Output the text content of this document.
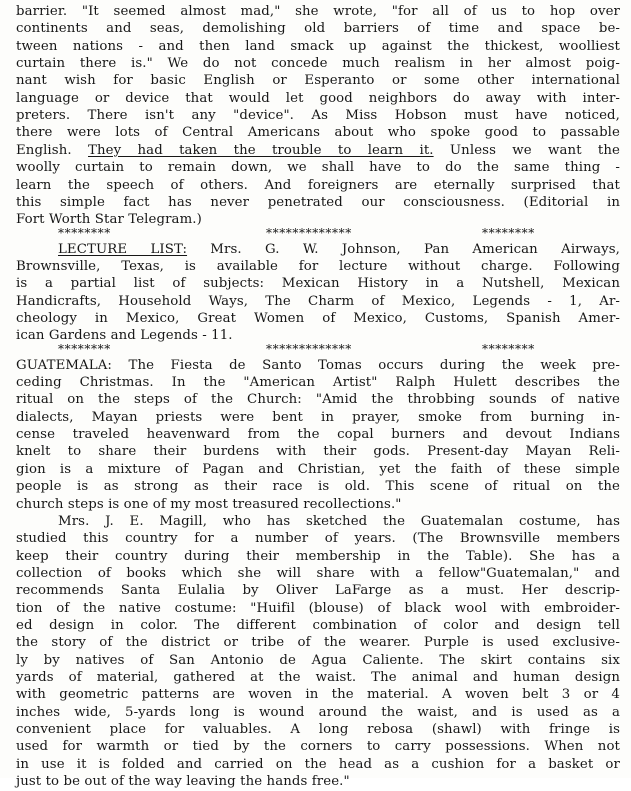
barrier. "It seemed almost mad," she wrote, "for all of us to hop over
continents and seas, demolishing old barriers of time and space be-
tween nations - and then land smack up against the thickest, woolliest
curtain there is." We do not concede much realism in her almost poig-
nant wish for basic English or Esperanto or some other international
language or device that would let good neighbors do away with inter-
preters. There isn't any "device". As Miss Hobson must have noticed,
there were lots of Central Americans about who spoke good to passable
English. They had taken the trouble to learn it. Unless we want the
woolly curtain to remain down, we shall have to do the same thing -
learn the speech of others. And foreigners are eternally surprised that
this simple fact has never penetrated our consciousness. (Editorial in
Fort Worth Star Telegram.)
********	*************	********
LECTURE LIST: Mrs. G. W. Johnson, Pan American Airways,
Brownsville, Texas, is available for lecture without charge. Following
is a partial list of subjects: Mexican History in a Nutshell, Mexican
Handicrafts, Household Ways, The Charm of Mexico, Legends - 1, Ar-
cheology in Mexico, Great Women of Mexico, Customs, Spanish Amer-
ican Gardens and Legends - 11.
********	*************	********
GUATEMALA: The Fiesta de Santo Tomas occurs during the week pre-
ceding Christmas. In the "American Artist" Ralph Hulett describes the
ritual on the steps of the Church: "Amid the throbbing sounds of native
dialects, Mayan priests were bent in prayer, smoke from burning in-
cense traveled heavenward from the copal burners and devout Indians
knelt to share their burdens with their gods. Present-day Mayan Reli-
gion is a mixture of Pagan and Christian, yet the faith of these simple
people is as strong as their race is old. This scene of ritual on the
church steps is one of my most treasured recollections."
Mrs. J. E. Magill, who has sketched the Guatemalan costume, has
studied this country for a number of years. (The Brownsville members
keep their country during their membership in the Table). She has a
collection of books which she will share with a fellow"Guatemalan," and
recommends Santa Eulalia by Oliver LaFarge as a must. Her descrip-
tion of the native costume: "Huifil (blouse) of black wool with embroider-
ed design in color. The different combination of color and design tell
the story of the district or tribe of the wearer. Purple is used exclusive-
ly by natives of San Antonio de Agua Caliente. The skirt contains six
yards of material, gathered at the waist. The animal and human design
with geometric patterns are woven in the material. A woven belt 3 or 4
inches wide, 5-yards long is wound around the waist, and is used as a
convenient place for valuables. A long rebosa (shawl) with fringe is
used for warmth or tied by the corners to carry possessions. When not
in use it is folded and carried on the head as a cushion for a basket or
just to be out of the way leaving the hands free."
